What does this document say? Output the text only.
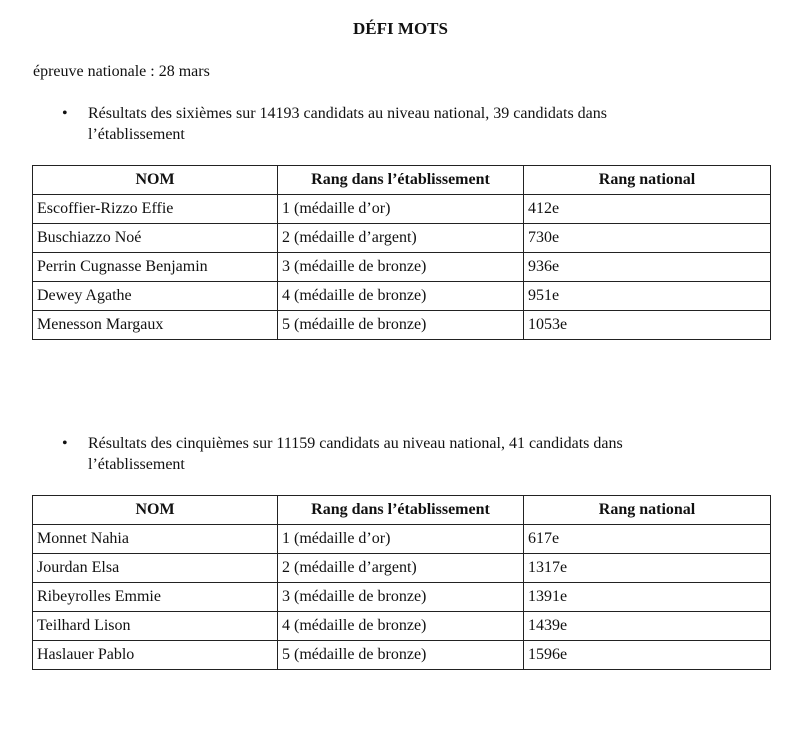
DÉFI MOTS
épreuve nationale : 28 mars
• Résultats des sixièmes sur 14193 candidats au niveau national, 39 candidats dans
l’établissement
NOM	Rang dans l’établissement	Rang national
Escoffier-Rizzo Effie	1 (médaille d’or)	412e
Buschiazzo Noé	2 (médaille d’argent)	730e
Perrin Cugnasse Benjamin	3 (médaille de bronze)	936e
Dewey Agathe	4 (médaille de bronze)	951e
Menesson Margaux	5 (médaille de bronze)	1053e
• Résultats des cinquièmes sur 11159 candidats au niveau national, 41 candidats dans
l’établissement
NOM	Rang dans l’établissement	Rang national
Monnet Nahia	1 (médaille d’or)	617e
Jourdan Elsa	2 (médaille d’argent)	1317e
Ribeyrolles Emmie	3 (médaille de bronze)	1391e
Teilhard Lison	4 (médaille de bronze)	1439e
Haslauer Pablo	5 (médaille de bronze)	1596e
